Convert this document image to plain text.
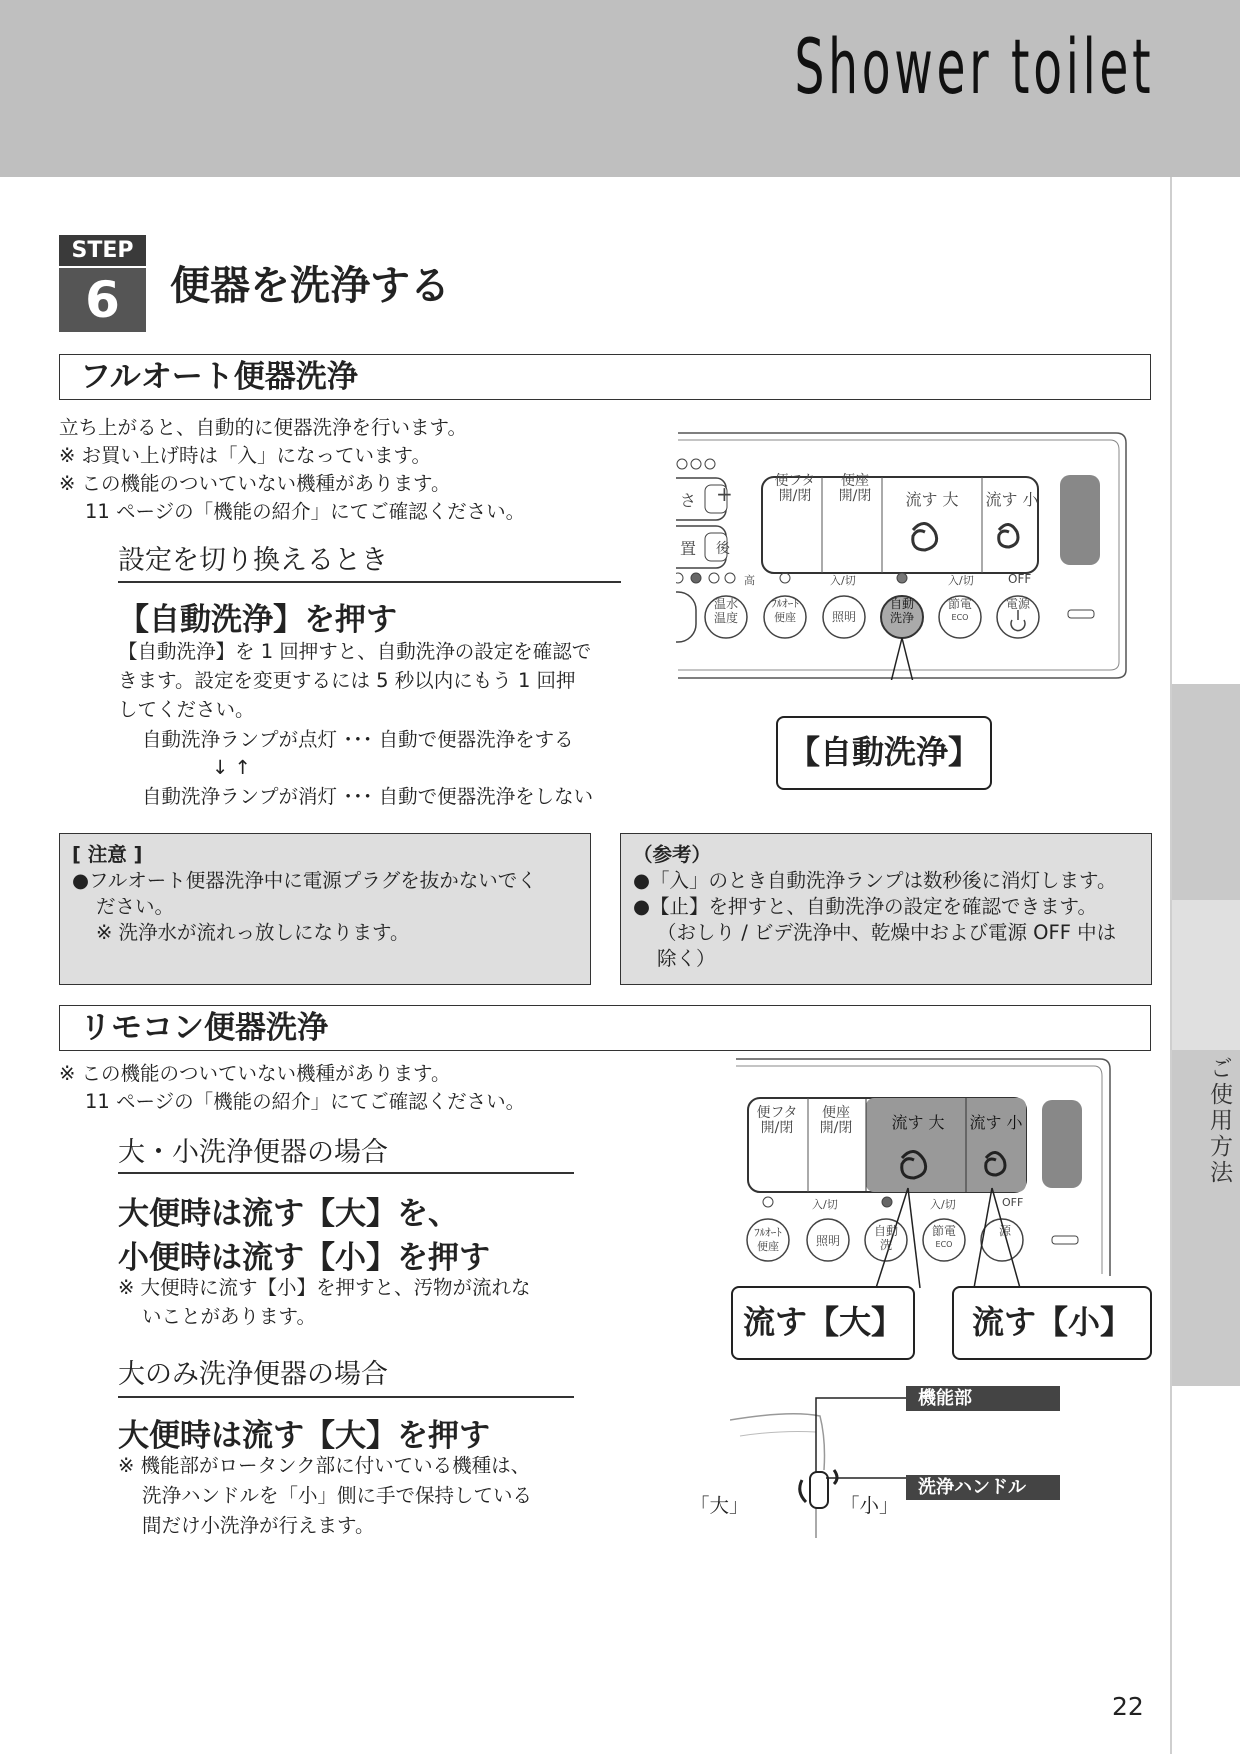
Shower toilet
ご使用方法
STEP
6	便器を洗浄する
フルオート便器洗浄
立ち上がると、自動的に便器洗浄を行います。
※ お買い上げ時は「入」になっています。
※ この機能のついていない機種があります。
11 ページの「機能の紹介」にてご確認ください。
設定を切り換えるとき
【自動洗浄】を押す
【自動洗浄】を 1 回押すと、自動洗浄の設定を確認で
きます。設定を変更するには 5 秒以内にもう 1 回押
してください。
自動洗浄ランプが点灯 ･･･ 自動で便器洗浄をする
↓ ↑
自動洗浄ランプが消灯 ･･･ 自動で便器洗浄をしない
便フタ
開/閉
便座
開/閉	流す 大	流す 小
さ
置
+
後
高	入/切	入/切	OFF
温水
温度
ﾌﾙｵｰﾄ
便座	照明
自動
洗浄
節電
ECO
電源
【自動洗浄】
[ 注意 ]
●フルオート便器洗浄中に電源プラグを抜かないでく
ださい。
※ 洗浄水が流れっ放しになります。
（参考）
●「入」のとき自動洗浄ランプは数秒後に消灯します。
●【止】を押すと、自動洗浄の設定を確認できます。
（おしり / ビデ洗浄中、乾燥中および電源 OFF 中は
除く）
リモコン便器洗浄
※ この機能のついていない機種があります。
11 ページの「機能の紹介」にてご確認ください。
大・小洗浄便器の場合
大便時は流す【大】を、
小便時は流す【小】を押す
※ 大便時に流す【小】を押すと、汚物が流れな
いことがあります。
大のみ洗浄便器の場合
大便時は流す【大】を押す
※ 機能部がロータンク部に付いている機種は、
洗浄ハンドルを「小」側に手で保持している
間だけ小洗浄が行えます。
便フタ
開/閉
便座
開/閉	流す 大	流す 小
入/切	入/切
ﾌﾙｵｰﾄ
便座	照明
自動
洗
節電
ECO
源
OFF
流す【大】	流す【小】
機能部
洗浄ハンドル
「大」	「小」
22
